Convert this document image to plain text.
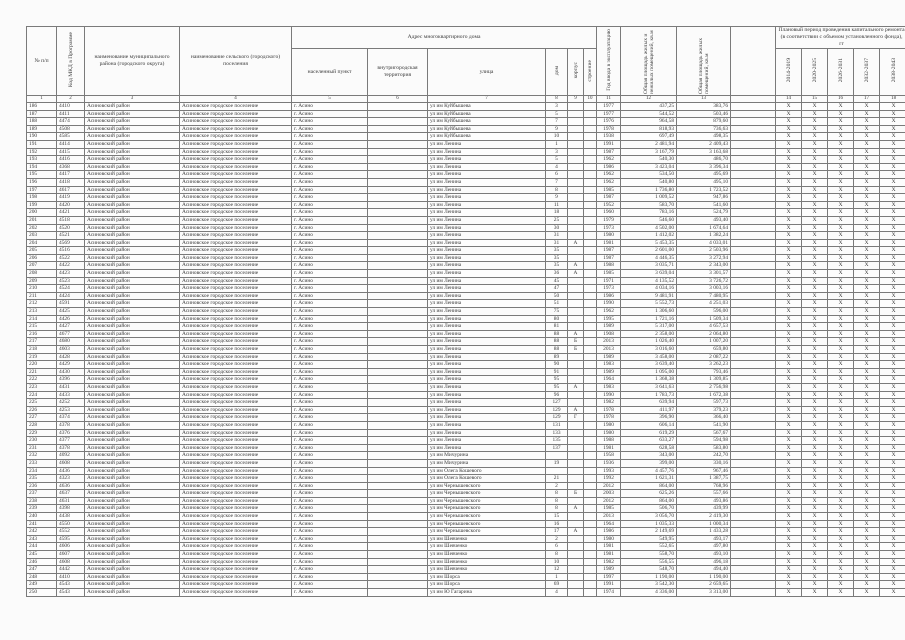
№ п/п	Код МКД в Программе	наименование муниципального района (городского округа)	наименование сельского (городского) поселения	Адрес многоквартирного дома						Год ввода в эксплуатацию	Общая площадь жилых и нежилых помещений, кв.м	Общая площадь жилых помещений, кв.м		Плановый период проведения капитального ремонта (в соответствии с объемом установленного фонда), гг				
				населенный пункт	внутригородская территория	улица	дом	корпус	строение					2014-2019	2020-2025	2026-2031	2032-2037	2038-2043
1	2	3	4	5	6	7	8	9	10	11	12	13		14	15	16	17	18
186	4410	Асиновский район	Асиновское городское поселение	г. Асино		ул им Куйбышева	3			1977	437,25	383,76		Х	Х	Х	Х	Х
187	4411	Асиновский район	Асиновское городское поселение	г. Асино		ул им Куйбышева	5			1977	544,52	503,46		Х	Х	Х	Х	Х
188	4474	Асиновский район	Асиновское городское поселение	г. Асино		ул им Куйбышева	7			1976	964,58	879,60		Х	Х	Х	Х	Х
189	4508	Асиновский район	Асиновское городское поселение	г. Асино		ул им Куйбышева	9			1978	818,93	736,63		Х	Х	Х	Х	Х
190	4585	Асиновский район	Асиновское городское поселение	г. Асино		ул им Куйбышева	10			1938	697,49	498,35		Х	Х	Х	Х	Х
191	4414	Асиновский район	Асиновское городское поселение	г. Асино		ул им Ленина	1			1991	2 481,94	2 409,43		Х	Х	Х	Х	Х
192	4415	Асиновский район	Асиновское городское поселение	г. Асино		ул им Ленина	3			1987	3 167,79	3 163,68		Х	Х	Х	Х	Х
193	4416	Асиновский район	Асиновское городское поселение	г. Асино		ул им Ленина	5			1962	540,30	486,70		Х	Х	Х	Х	Х
194	4368	Асиновский район	Асиновское городское поселение	г. Асино		ул им Ленина	4			1986	3 423,04	3 396,34		Х	Х	Х	Х	Х
195	4417	Асиновский район	Асиновское городское поселение	г. Асино		ул им Ленина	6			1962	534,50	495,69		Х	Х	Х	Х	Х
196	4418	Асиновский район	Асиновское городское поселение	г. Асино		ул им Ленина	7			1962	540,80	495,10		Х	Х	Х	Х	Х
197	4617	Асиновский район	Асиновское городское поселение	г. Асино		ул им Ленина	8			1985	1 736,80	1 723,52		Х	Х	Х	Х	Х
198	4419	Асиновский район	Асиновское городское поселение	г. Асино		ул им Ленина	9			1987	1 009,52	947,86		Х	Х	Х	Х	Х
199	4420	Асиновский район	Асиновское городское поселение	г. Асино		ул им Ленина	11			1952	583,70	541,60		Х	Х	Х	Х	Х
200	4421	Асиновский район	Асиновское городское поселение	г. Асино		ул им Ленина	18			1960	783,16	524,79		Х	Х	Х	Х	Х
201	4518	Асиновский район	Асиновское городское поселение	г. Асино		ул им Ленина	25			1979	546,60	493,40		Х	Х	Х	Х	Х
202	4520	Асиновский район	Асиновское городское поселение	г. Асино		ул им Ленина	30			1973	4 502,00	1 674,64		Х	Х	Х	Х	Х
203	4521	Асиновский район	Асиновское городское поселение	г. Асино		ул им Ленина	31			1980	1 412,02	1 382,24		Х	Х	Х	Х	Х
204	4569	Асиновский район	Асиновское городское поселение	г. Асино		ул им Ленина	31	А		1981	5 453,35	4 033,01		Х	Х	Х	Х	Х
205	4516	Асиновский район	Асиновское городское поселение	г. Асино		ул им Ленина	35			1987	2 601,00	2 503,96		Х	Х	Х	Х	Х
206	4522	Асиновский район	Асиновское городское поселение	г. Асино		ул им Ленина	35			1987	4 446,35	3 272,94		Х	Х	Х	Х	Х
207	4422	Асиновский район	Асиновское городское поселение	г. Асино		ул им Ленина	35	А		1988	3 035,71	2 343,00		Х	Х	Х	Х	Х
208	4423	Асиновский район	Асиновское городское поселение	г. Асино		ул им Ленина	36	А		1985	3 639,04	3 301,57		Х	Х	Х	Х	Х
209	4523	Асиновский район	Асиновское городское поселение	г. Асино		ул им Ленина	45			1971	4 135,52	3 726,72		Х	Х	Х	Х	Х
210	4524	Асиновский район	Асиновское городское поселение	г. Асино		ул им Ленина	47			1973	4 034,16	3 003,16		Х	Х	Х	Х	Х
211	4424	Асиновский район	Асиновское городское поселение	г. Асино		ул им Ленина	50			1986	9 481,91	7 480,95		Х	Х	Х	Х	Х
212	4591	Асиновский район	Асиновское городское поселение	г. Асино		ул им Ленина	51			1990	5 552,73	4 251,03		Х	Х	Х	Х	Х
213	4425	Асиновский район	Асиновское городское поселение	г. Асино		ул им Ленина	75			1962	1 306,60	596,00		Х	Х	Х	Х	Х
214	4426	Асиновский район	Асиновское городское поселение	г. Асино		ул им Ленина	80			1995	1 721,16	1 509,34		Х	Х	Х	Х	Х
215	4427	Асиновский район	Асиновское городское поселение	г. Асино		ул им Ленина	81			1989	5 317,00	4 657,53		Х	Х	Х	Х	Х
216	4677	Асиновский район	Асиновское городское поселение	г. Асино		ул им Ленина	88	А		1908	2 358,00	2 064,80		Х	Х	Х	Х	Х
217	4680	Асиновский район	Асиновское городское поселение	г. Асино		ул им Ленина	88	Б		2013	1 026,40	1 007,20		Х	Х	Х	Х	Х
218	4603	Асиновский район	Асиновское городское поселение	г. Асино		ул им Ленина	88	Б		2013	3 016,60	659,80		Х	Х	Х	Х	Х
219	4428	Асиновский район	Асиновское городское поселение	г. Асино		ул им Ленина	89			1989	3 458,00	2 087,22		Х	Х	Х	Х	Х
220	4429	Асиновский район	Асиновское городское поселение	г. Асино		ул им Ленина	90			1983	3 639,40	3 262,23		Х	Х	Х	Х	Х
221	4430	Асиновский район	Асиновское городское поселение	г. Асино		ул им Ленина	91			1989	1 095,00	793,46		Х	Х	Х	Х	Х
222	4396	Асиновский район	Асиновское городское поселение	г. Асино		ул им Ленина	95			1964	1 368,38	1 309,85		Х	Х	Х	Х	Х
223	4431	Асиновский район	Асиновское городское поселение	г. Асино		ул им Ленина	95	А		1983	3 641,63	2 756,98		Х	Х	Х	Х	Х
224	4433	Асиновский район	Асиновское городское поселение	г. Асино		ул им Ленина	96			1990	1 783,73	1 672,38		Х	Х	Х	Х	Х
225	4252	Асиновский район	Асиновское городское поселение	г. Асино		ул им Ленина	127			1982	639,94	597,73		Х	Х	Х	Х	Х
226	4253	Асиновский район	Асиновское городское поселение	г. Асино		ул им Ленина	129	А		1978	411,97	379,23		Х	Х	Х	Х	Х
227	4374	Асиновский район	Асиновское городское поселение	г. Асино		ул им Ленина	129	Г		1978	396,90	366,40		Х	Х	Х	Х	Х
228	4378	Асиновский район	Асиновское городское поселение	г. Асино		ул им Ленина	131			1980	606,14	541,90		Х	Х	Х	Х	Х
229	4376	Асиновский район	Асиновское городское поселение	г. Асино		ул им Ленина	133			1980	619,29	567,67		Х	Х	Х	Х	Х
230	4377	Асиновский район	Асиновское городское поселение	г. Асино		ул им Ленина	135			1988	633,27	594,98		Х	Х	Х	Х	Х
231	4378	Асиновский район	Асиновское городское поселение	г. Асино		ул им Ленина	137			1981	628,58	583,80		Х	Х	Х	Х	Х
232	4092	Асиновский район	Асиновское городское поселение	г. Асино		ул им Мичурина				1958	343,00	242,70		Х	Х	Х	Х	Х
233	4608	Асиновский район	Асиновское городское поселение	г. Асино		ул им Мичурина	19			1936	399,00	330,16		Х	Х	Х	Х	Х
234	4436	Асиновский район	Асиновское городское поселение	г. Асино		ул им Олега Кошевого				1993	4 457,76	967,46		Х	Х	Х	Х	Х
235	4323	Асиновский район	Асиновское городское поселение	г. Асино		ул им Олега Кошевого	21			1992	1 621,31	1 387,75		Х	Х	Х	Х	Х
236	4636	Асиновский район	Асиновское городское поселение	г. Асино		ул им Чернышевского	2			2012	864,00	768,96		Х	Х	Х	Х	Х
237	4637	Асиновский район	Асиновское городское поселение	г. Асино		ул им Чернышевского	8	Б		2003	625,26	557,66		Х	Х	Х	Х	Х
238	4631	Асиновский район	Асиновское городское поселение	г. Асино		ул им Чернышевского	8			2012	864,00	493,86		Х	Х	Х	Х	Х
239	4398	Асиновский район	Асиновское городское поселение	г. Асино		ул им Чернышевского	8	А		1985	506,70	439,99		Х	Х	Х	Х	Х
240	4438	Асиновский район	Асиновское городское поселение	г. Асино		ул им Чернышевского	15			2013	3 056,70	2 419,30		Х	Х	Х	Х	Х
241	4550	Асиновский район	Асиновское городское поселение	г. Асино		ул им Чернышевского	16			1964	1 035,33	1 000,34		Х	Х	Х	Х	Х
242	4552	Асиновский район	Асиновское городское поселение	г. Асино		ул им Чернышевского	17	А		1986	2 149,69	1 433,28		Х	Х	Х	Х	Х
243	4595	Асиновский район	Асиновское городское поселение	г. Асино		ул им Шевченко	2			1980	549,95	493,17		Х	Х	Х	Х	Х
244	4606	Асиновский район	Асиновское городское поселение	г. Асино		ул им Шевченко	6			1981	552,65	497,80		Х	Х	Х	Х	Х
245	4607	Асиновский район	Асиновское городское поселение	г. Асино		ул им Шевченко	8			1981	558,70	493,10		Х	Х	Х	Х	Х
246	4608	Асиновский район	Асиновское городское поселение	г. Асино		ул им Шевченко	10			1982	556,55	496,18		Х	Х	Х	Х	Х
247	4442	Асиновский район	Асиновское городское поселение	г. Асино		ул им Шевченко	12			1989	548,70	494,40		Х	Х	Х	Х	Х
248	4410	Асиновский район	Асиновское городское поселение	г. Асино		ул им Шорса	1			1997	1 190,00	1 190,00		Х	Х	Х	Х	Х
249	4543	Асиновский район	Асиновское городское поселение	г. Асино		ул им Шорса	69			1991	3 542,30	2 659,65		Х	Х	Х	Х	Х
250	4543	Асиновский район	Асиновское городское поселение	г. Асино		ул им Ю Гагарина	4			1974	4 336,00	3 313,00		Х	Х	Х	Х	Х
